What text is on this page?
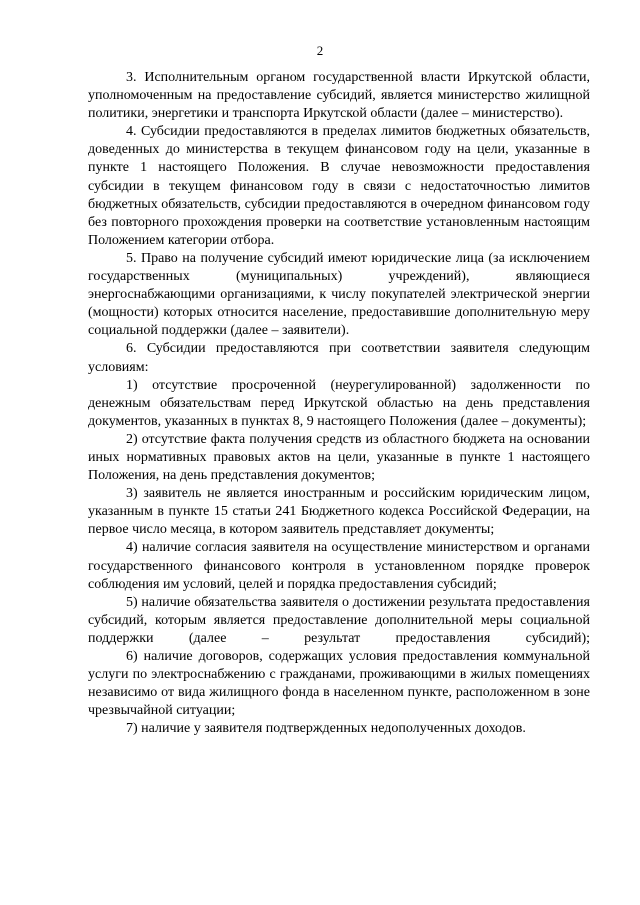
2

3. Исполнительным органом государственной власти Иркутской области, уполномоченным на предоставление субсидий, является министерство жилищной политики, энергетики и транспорта Иркутской области (далее – министерство).

4. Субсидии предоставляются в пределах лимитов бюджетных обязательств, доведенных до министерства в текущем финансовом году на цели, указанные в пункте 1 настоящего Положения. В случае невозможности предоставления субсидии в текущем финансовом году в связи с недостаточностью лимитов бюджетных обязательств, субсидии предоставляются в очередном финансовом году без повторного прохождения проверки на соответствие установленным настоящим Положением категории отбора.

5. Право на получение субсидий имеют юридические лица (за исключением государственных (муниципальных) учреждений), являющиеся энергоснабжающими организациями, к числу покупателей электрической энергии (мощности) которых относится население, предоставившие дополнительную меру социальной поддержки (далее – заявители).

6. Субсидии предоставляются при соответствии заявителя следующим условиям:

1) отсутствие просроченной (неурегулированной) задолженности по денежным обязательствам перед Иркутской областью на день представления документов, указанных в пунктах 8, 9 настоящего Положения (далее – документы);

2) отсутствие факта получения средств из областного бюджета на основании иных нормативных правовых актов на цели, указанные в пункте 1 настоящего Положения, на день представления документов;

3) заявитель не является иностранным и российским юридическим лицом, указанным в пункте 15 статьи 241 Бюджетного кодекса Российской Федерации, на первое число месяца, в котором заявитель представляет документы;

4) наличие согласия заявителя на осуществление министерством и органами государственного финансового контроля в установленном порядке проверок соблюдения им условий, целей и порядка предоставления субсидий;

5) наличие обязательства заявителя о достижении результата предоставления субсидий, которым является предоставление дополнительной меры социальной поддержки (далее – результат предоставления субсидий);

6) наличие договоров, содержащих условия предоставления коммунальной услуги по электроснабжению с гражданами, проживающими в жилых помещениях независимо от вида жилищного фонда в населенном пункте, расположенном в зоне чрезвычайной ситуации;

7) наличие у заявителя подтвержденных недополученных доходов.
